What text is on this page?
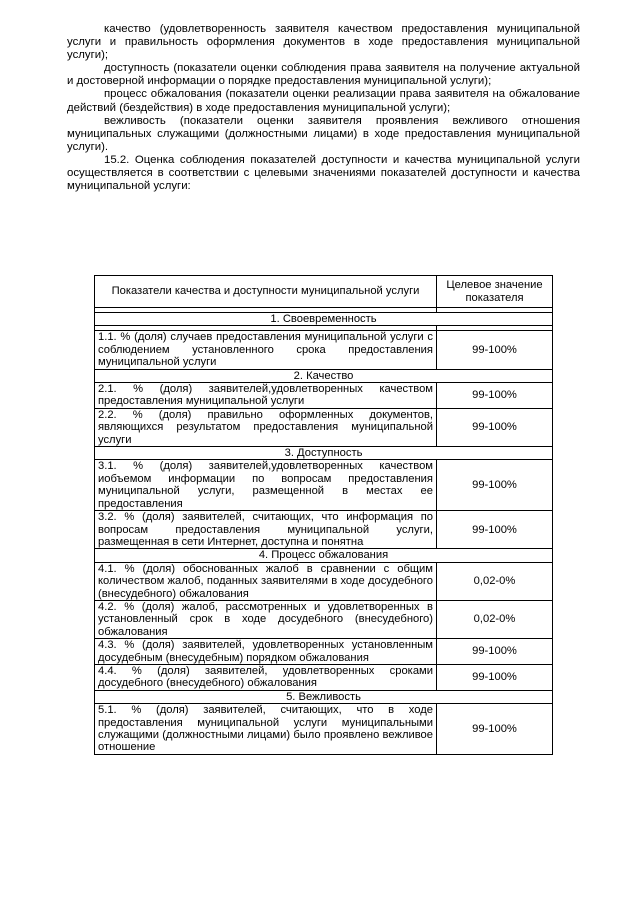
качество (удовлетворенность заявителя качеством предоставления муниципальной услуги и правильность оформления документов в ходе предоставления муниципальной услуги);

доступность (показатели оценки соблюдения права заявителя на получение актуальной и достоверной информации о порядке предоставления муниципальной услуги);

процесс обжалования (показатели оценки реализации права заявителя на обжалование действий (бездействия) в ходе предоставления муниципальной услуги);

вежливость (показатели оценки заявителя проявления вежливого отношения муниципальных служащими (должностными лицами) в ходе предоставления муниципальной услуги).

15.2. Оценка соблюдения показателей доступности и качества муниципальной услуги осуществляется в соответствии с целевыми значениями показателей доступности и качества муниципальной услуги:

Показатели качества и доступности муниципальной услуги	Целевое значение показателя

1. Своевременность	

1.1. % (доля) случаев предоставления муниципальной услуги с соблюдением установленного срока предоставления муниципальной услуги	99-100%
2. Качество	
2.1. % (доля) заявителей,удовлетворенных качеством предоставления муниципальной услуги	99-100%
2.2. % (доля) правильно оформленных документов, являющихся результатом предоставления муниципальной услуги	99-100%
3. Доступность	
3.1. % (доля) заявителей,удовлетворенных качеством иобъемом информации по вопросам предоставления муниципальной услуги, размещенной в местах ее предоставления	99-100%
3.2. % (доля) заявителей, считающих, что информация по вопросам предоставления муниципальной услуги, размещенная в сети Интернет, доступна и понятна	99-100%
4. Процесс обжалования	
4.1. % (доля) обоснованных жалоб в сравнении с общим количеством жалоб, поданных заявителями в ходе досудебного (внесудебного) обжалования	0,02-0%
4.2. % (доля) жалоб, рассмотренных и удовлетворенных в установленный срок в ходе досудебного (внесудебного) обжалования	0,02-0%
4.3. % (доля) заявителей, удовлетворенных установленным досудебным (внесудебным) порядком обжалования	99-100%
4.4. % (доля) заявителей, удовлетворенных сроками досудебного (внесудебного) обжалования	99-100%
5. Вежливость	
5.1. % (доля) заявителей, считающих, что в ходе предоставления муниципальной услуги муниципальными служащими (должностными лицами) было проявлено вежливое отношение	99-100%
